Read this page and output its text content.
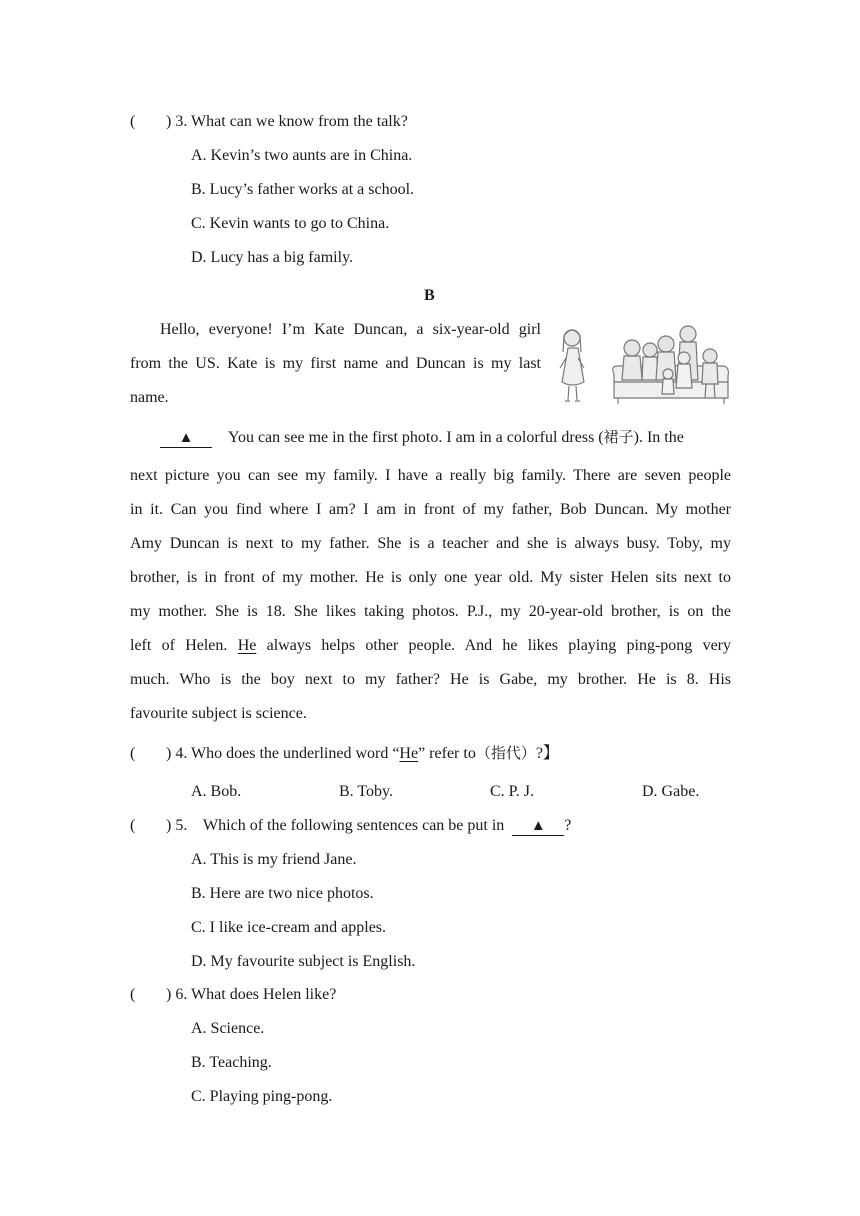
( ) 3. What can we know from the talk?
A. Kevin’s two aunts are in China.
B. Lucy’s father works at a school.
C. Kevin wants to go to China.
D. Lucy has a big family.
B
Hello, everyone! I’m Kate Duncan, a six-year-old girl
from the US. Kate is my first name and Duncan is my last
name.
▲ You can see me in the first photo. I am in a colorful dress (裙子). In the
next picture you can see my family. I have a really big family. There are seven people
in it. Can you find where I am? I am in front of my father, Bob Duncan. My mother
Amy Duncan is next to my father. She is a teacher and she is always busy. Toby, my
brother, is in front of my mother. He is only one year old. My sister Helen sits next to
my mother. She is 18. She likes taking photos. P.J., my 20-year-old brother, is on the
left of Helen. He always helps other people. And he likes playing ping-pong very
much. Who is the boy next to my father? He is Gabe, my brother. He is 8. His
favourite subject is science.
( ) 4. Who does the underlined word “He” refer to（指代）?】
A. Bob.	B. Toby.	C. P. J.	D. Gabe.
( ) 5.    Which of the following sentences can be put in ▲ ?
A. This is my friend Jane.
B. Here are two nice photos.
C. I like ice-cream and apples.
D. My favourite subject is English.
( ) 6. What does Helen like?
A. Science.
B. Teaching.
C. Playing ping-pong.
